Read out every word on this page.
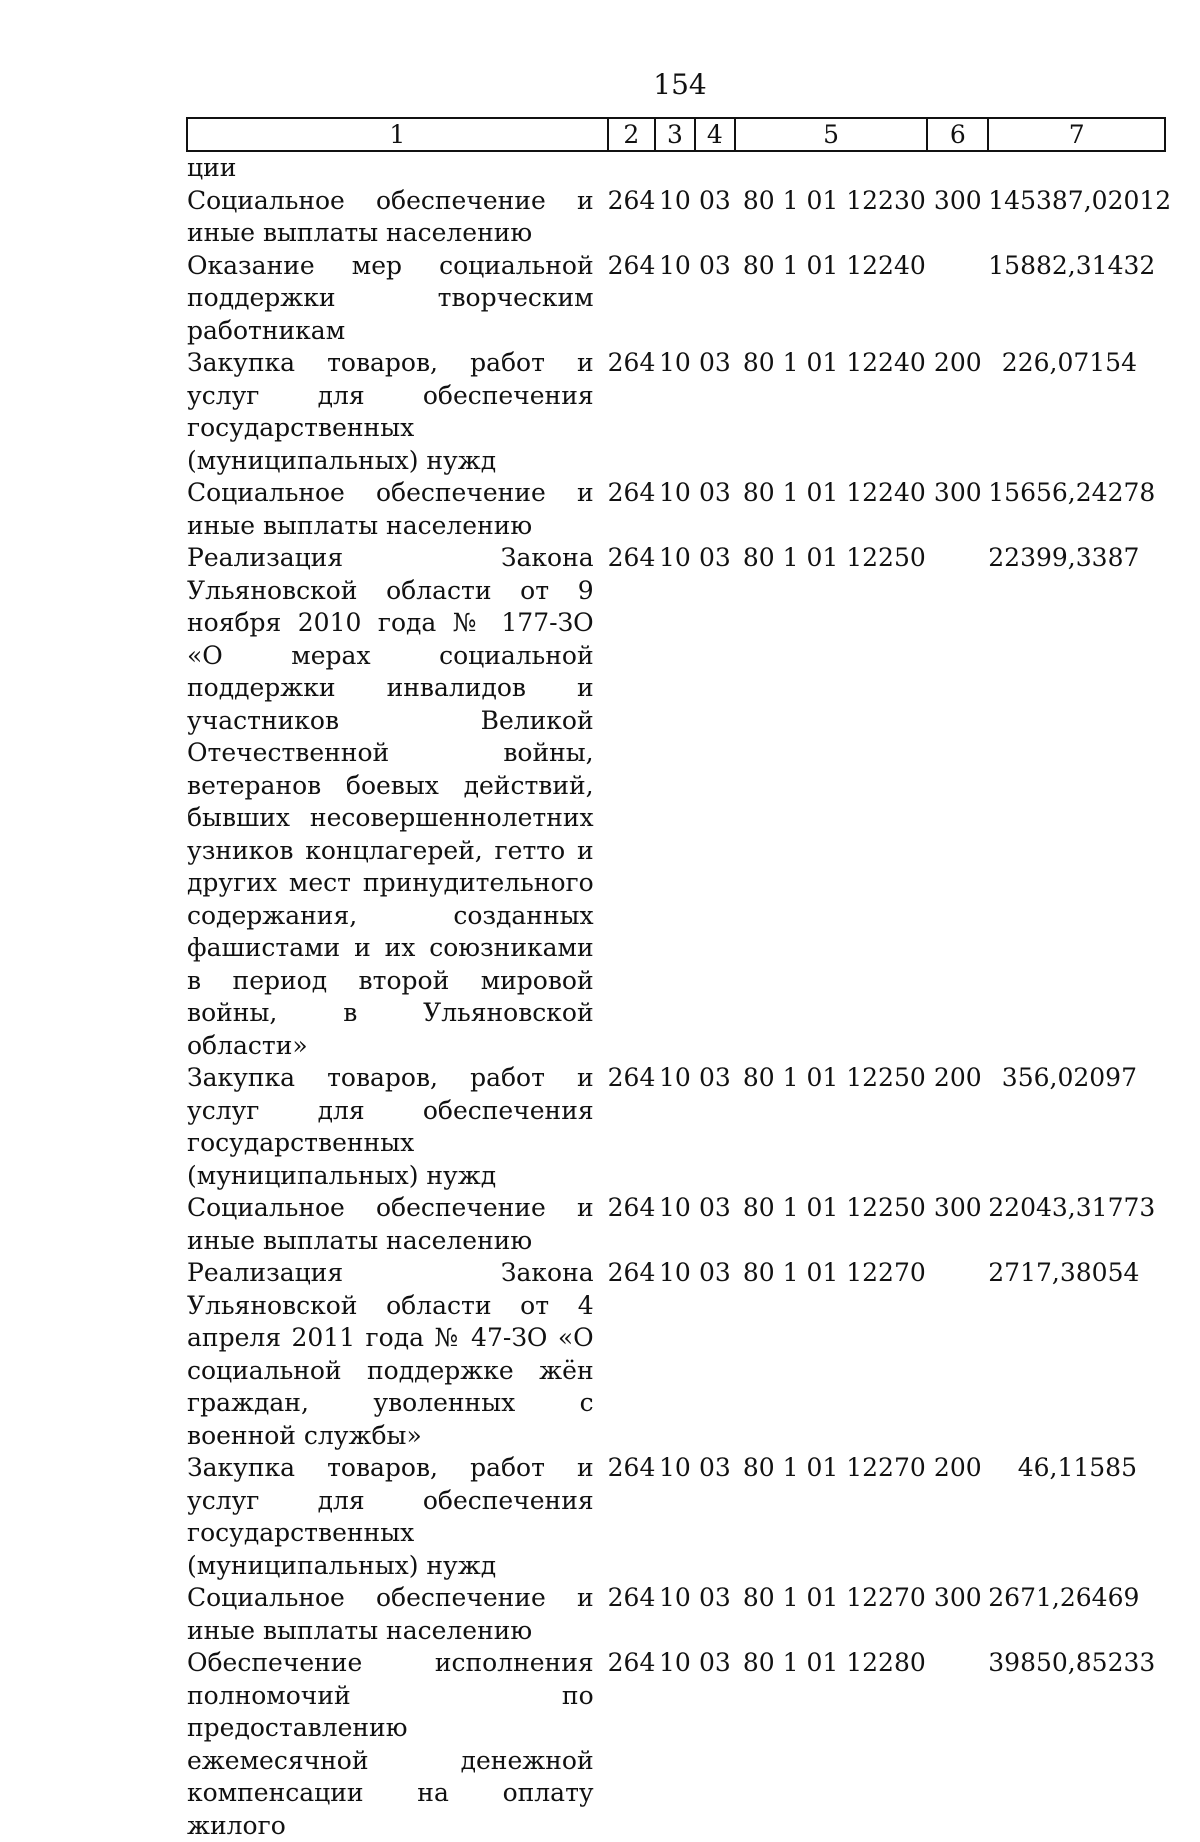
154
1	2	3	4	5	6	7
ции						
Социальное обеспечение и иные выплаты населению	264	10	03	80 1 01 12230	300	145387,02012
Оказание мер социальной поддержки творческим работникам	264	10	03	80 1 01 12240		15882,31432
Закупка товаров, работ и услуг для обеспечения государственных (муниципальных) нужд	264	10	03	80 1 01 12240	200	226,07154
Социальное обеспечение и иные выплаты населению	264	10	03	80 1 01 12240	300	15656,24278
Реализация Закона Ульяновской области от 9 ноября 2010 года № 177-ЗО «О мерах социальной поддержки инвалидов и участников Великой Отечественной войны, ветеранов боевых действий, бывших несовершеннолетних узников концлагерей, гетто и других мест принудительного содержания, созданных фашистами и их союзниками в период второй мировой войны, в Ульяновской области»	264	10	03	80 1 01 12250		22399,3387
Закупка товаров, работ и услуг для обеспечения государственных (муниципальных) нужд	264	10	03	80 1 01 12250	200	356,02097
Социальное обеспечение и иные выплаты населению	264	10	03	80 1 01 12250	300	22043,31773
Реализация Закона Ульяновской области от 4 апреля 2011 года № 47-ЗО «О социальной поддержке жён граждан, уволенных с военной службы»	264	10	03	80 1 01 12270		2717,38054
Закупка товаров, работ и услуг для обеспечения государственных (муниципальных) нужд	264	10	03	80 1 01 12270	200	46,11585
Социальное обеспечение и иные выплаты населению	264	10	03	80 1 01 12270	300	2671,26469
Обеспечение исполнения полномочий по предоставлению ежемесячной денежной компенсации на оплату жилого	264	10	03	80 1 01 12280		39850,85233
